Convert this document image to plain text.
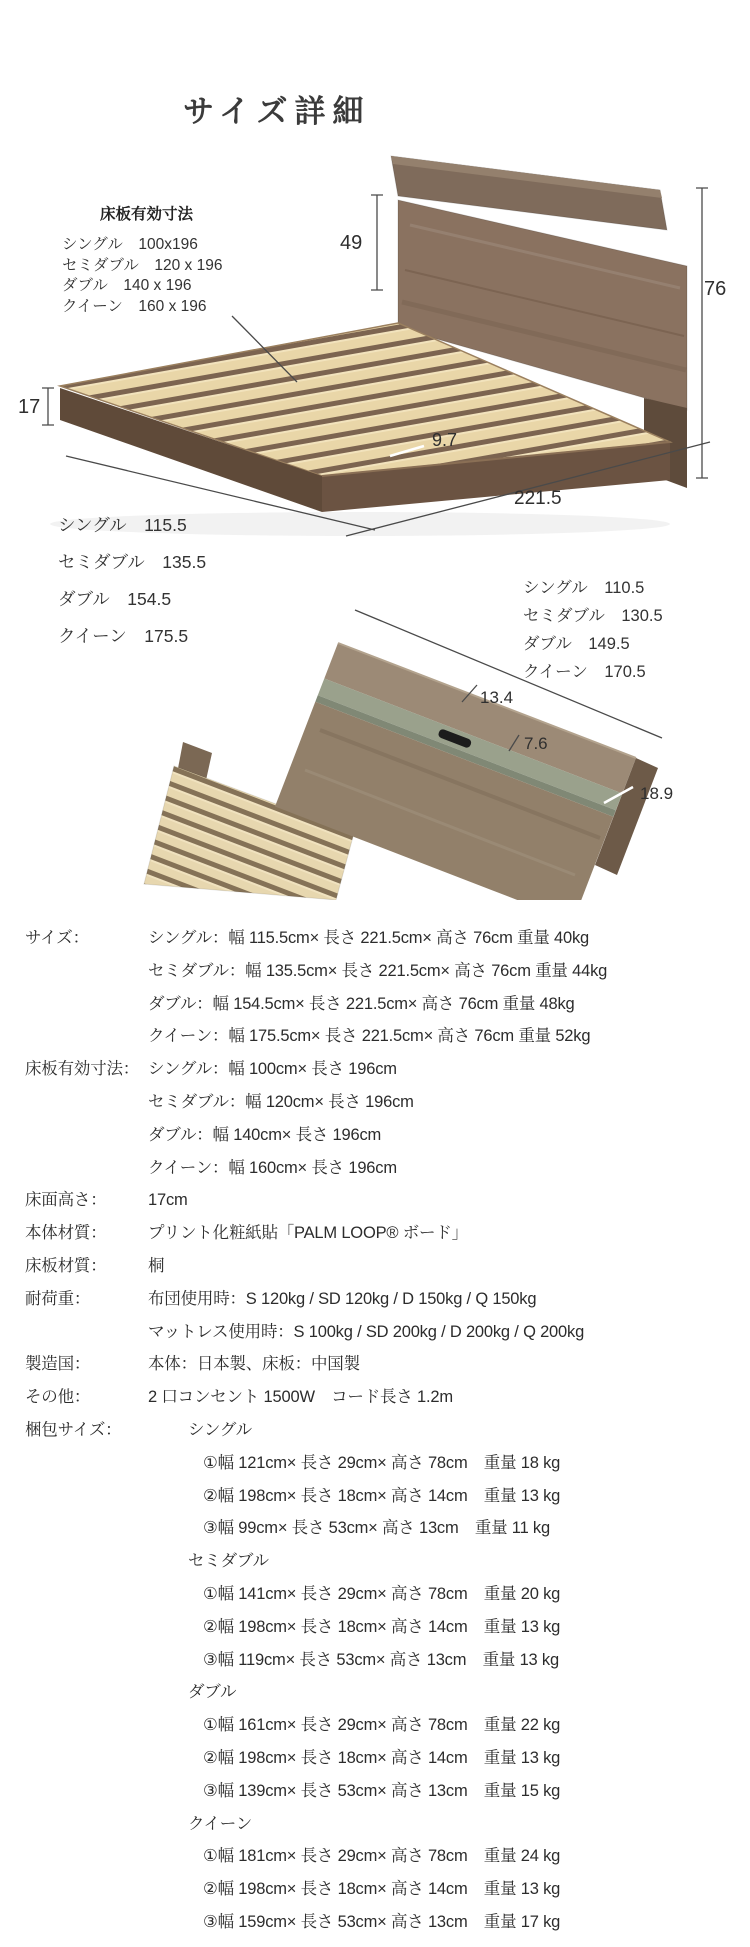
サイズ詳細
床板有効寸法
シングル　100x196
セミダブル　120 x 196
ダブル　140 x 196
クイーン　160 x 196
49
76
17
9.7
221.5
シングル　115.5
セミダブル　135.5
ダブル　154.5
クイーン　175.5
シングル　110.5
セミダブル　130.5
ダブル　149.5
クイーン　170.5
13.4
7.6
18.9
サイズ：	シングル：幅 115.5cm× 長さ 221.5cm× 高さ 76cm 重量 40kg
セミダブル：幅 135.5cm× 長さ 221.5cm× 高さ 76cm 重量 44kg
ダブル：幅 154.5cm× 長さ 221.5cm× 高さ 76cm 重量 48kg
クイーン：幅 175.5cm× 長さ 221.5cm× 高さ 76cm 重量 52kg
床板有効寸法： シングル：幅 100cm× 長さ 196cm
セミダブル：幅 120cm× 長さ 196cm
ダブル：幅 140cm× 長さ 196cm
クイーン：幅 160cm× 長さ 196cm
床面高さ：	17cm
本体材質：	プリント化粧紙貼「PALM LOOP® ボード」
床板材質：	桐
耐荷重：	布団使用時：S 120kg / SD 120kg / D 150kg / Q 150kg
マットレス使用時：S 100kg / SD 200kg / D 200kg / Q 200kg
製造国：	本体：日本製、床板：中国製
その他：	2 口コンセント 1500W　コード長さ 1.2m
梱包サイズ：	シングル
①幅 121cm× 長さ 29cm× 高さ 78cm　重量 18 kg
②幅 198cm× 長さ 18cm× 高さ 14cm　重量 13 kg
③幅 99cm× 長さ 53cm× 高さ 13cm　重量 11 kg
セミダブル
①幅 141cm× 長さ 29cm× 高さ 78cm　重量 20 kg
②幅 198cm× 長さ 18cm× 高さ 14cm　重量 13 kg
③幅 119cm× 長さ 53cm× 高さ 13cm　重量 13 kg
ダブル
①幅 161cm× 長さ 29cm× 高さ 78cm　重量 22 kg
②幅 198cm× 長さ 18cm× 高さ 14cm　重量 13 kg
③幅 139cm× 長さ 53cm× 高さ 13cm　重量 15 kg
クイーン
①幅 181cm× 長さ 29cm× 高さ 78cm　重量 24 kg
②幅 198cm× 長さ 18cm× 高さ 14cm　重量 13 kg
③幅 159cm× 長さ 53cm× 高さ 13cm　重量 17 kg
